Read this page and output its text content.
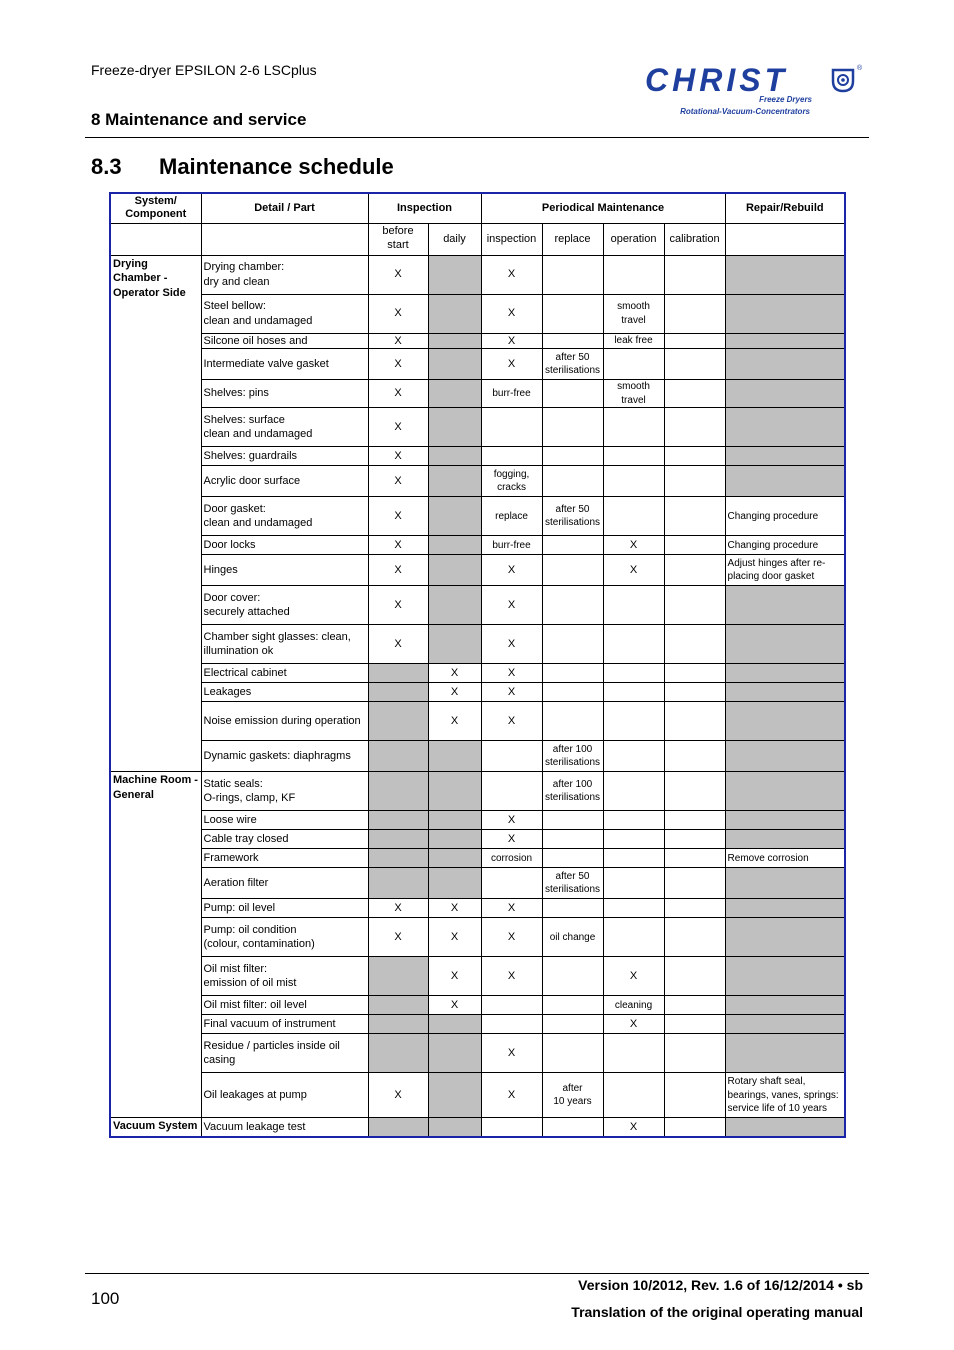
Freeze-dryer EPSILON 2-6 LSCplus
8 Maintenance and service
CHRIST	®
Freeze Dryers
Rotational-Vacuum-Concentrators
8.3 Maintenance schedule
System/ Component	Detail / Part	Inspection		Periodical Maintenance				Repair/Rebuild
		before start	daily	inspection	replace	operation	calibration	
Drying Chamber - Operator Side	Drying chamber:
dry and clean	X		X				

	Steel bellow:
clean and undamaged	X		X		smooth travel		

	Silcone oil hoses and	X		X		leak free		

	Intermediate valve gasket	X		X	after 50
sterilisations			

	Shelves: pins	X		burr-free		smooth travel		

	Shelves: surface
clean and undamaged	X						

	Shelves: guardrails	X						

	Acrylic door surface	X		fogging,
cracks				

	Door gasket:
clean and undamaged	X		replace	after 50
sterilisations			Changing procedure

	Door locks	X		burr-free		X		Changing procedure

	Hinges	X		X		X		Adjust hinges after re-
placing door gasket

	Door cover:
securely attached	X		X				

	Chamber sight glasses: clean,
illumination ok	X		X				

	Electrical cabinet		X	X				

	Leakages		X	X				

	Noise emission during operation		X	X				

	Dynamic gaskets: diaphragms				after 100
sterilisations			

Machine Room - General	Static seals:
O-rings, clamp, KF				after 100
sterilisations			

	Loose wire			X				

	Cable tray closed			X				

	Framework			corrosion				Remove corrosion

	Aeration filter				after 50
sterilisations			

	Pump: oil level	X	X	X				

	Pump: oil condition
(colour, contamination)	X	X	X	oil change			

	Oil mist filter:
emission of oil mist		X	X		X		

	Oil mist filter: oil level		X			cleaning		

	Final vacuum of instrument					X		

	Residue / particles inside oil
casing			X				

	Oil leakages at pump	X		X	after
10 years			Rotary shaft seal,
bearings, vanes, springs:
service life of 10 years

Vacuum System	Vacuum leakage test					X		
100
Version 10/2012, Rev. 1.6 of 16/12/2014 • sb
Translation of the original operating manual
